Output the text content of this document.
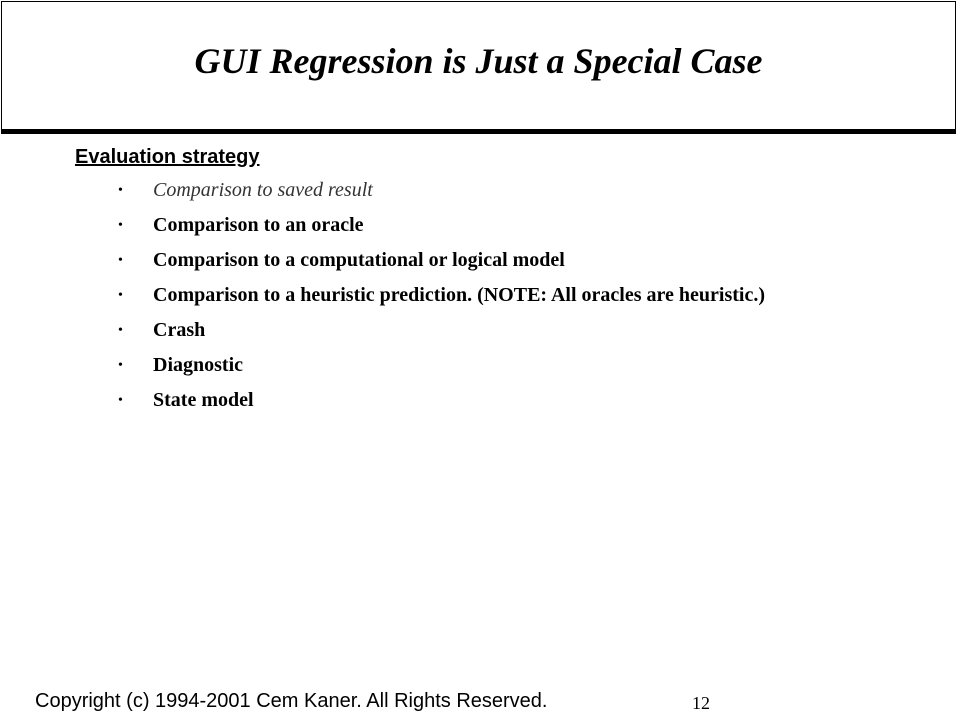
GUI Regression is Just a Special Case
Evaluation strategy
• Comparison to saved result
• Comparison to an oracle
• Comparison to a computational or logical model
• Comparison to a heuristic prediction. (NOTE: All oracles are heuristic.)
• Crash
• Diagnostic
• State model

Copyright (c) 1994-2001 Cem Kaner. All Rights Reserved.	12
